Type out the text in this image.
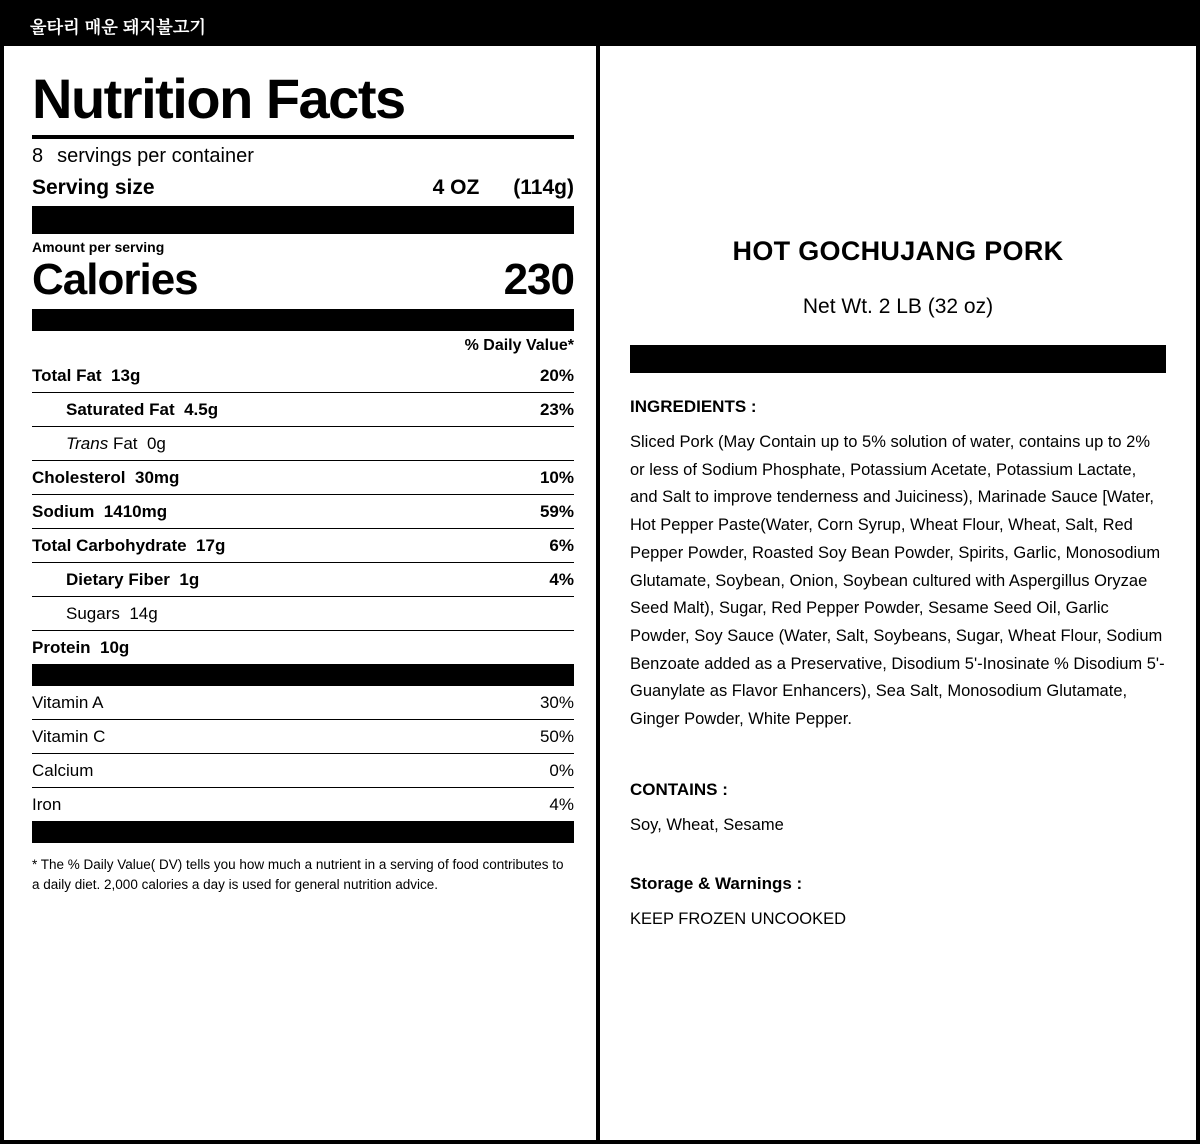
울타리 매운 돼지불고기
Nutrition Facts
8 servings per container
Serving size	4 OZ (114g)
Amount per serving
Calories	230
% Daily Value*
Total Fat 13g	20%
Saturated Fat 4.5g	23%
Trans Fat 0g
Cholesterol 30mg	10%
Sodium 1410mg	59%
Total Carbohydrate 17g	6%
Dietary Fiber 1g	4%
Sugars 14g
Protein 10g
Vitamin A	30%
Vitamin C	50%
Calcium	0%
Iron	4%
* The % Daily Value( DV) tells you how much a nutrient in a serving of food contributes to a daily diet. 2,000 calories a day is used for general nutrition advice.
HOT GOCHUJANG PORK
Net Wt. 2 LB (32 oz)
INGREDIENTS :
Sliced Pork (May Contain up to 5% solution of water, contains up to 2% or less of Sodium Phosphate, Potassium Acetate, Potassium Lactate, and Salt to improve tenderness and Juiciness), Marinade Sauce [Water, Hot Pepper Paste(Water, Corn Syrup, Wheat Flour, Wheat, Salt, Red Pepper Powder, Roasted Soy Bean Powder, Spirits, Garlic, Monosodium Glutamate, Soybean, Onion, Soybean cultured with Aspergillus Oryzae Seed Malt), Sugar, Red Pepper Powder, Sesame Seed Oil, Garlic Powder, Soy Sauce (Water, Salt, Soybeans, Sugar, Wheat Flour, Sodium Benzoate added as a Preservative, Disodium 5'-Inosinate % Disodium 5'-Guanylate as Flavor Enhancers), Sea Salt, Monosodium Glutamate, Ginger Powder, White Pepper.
CONTAINS :
Soy, Wheat, Sesame
Storage & Warnings :
KEEP FROZEN UNCOOKED
